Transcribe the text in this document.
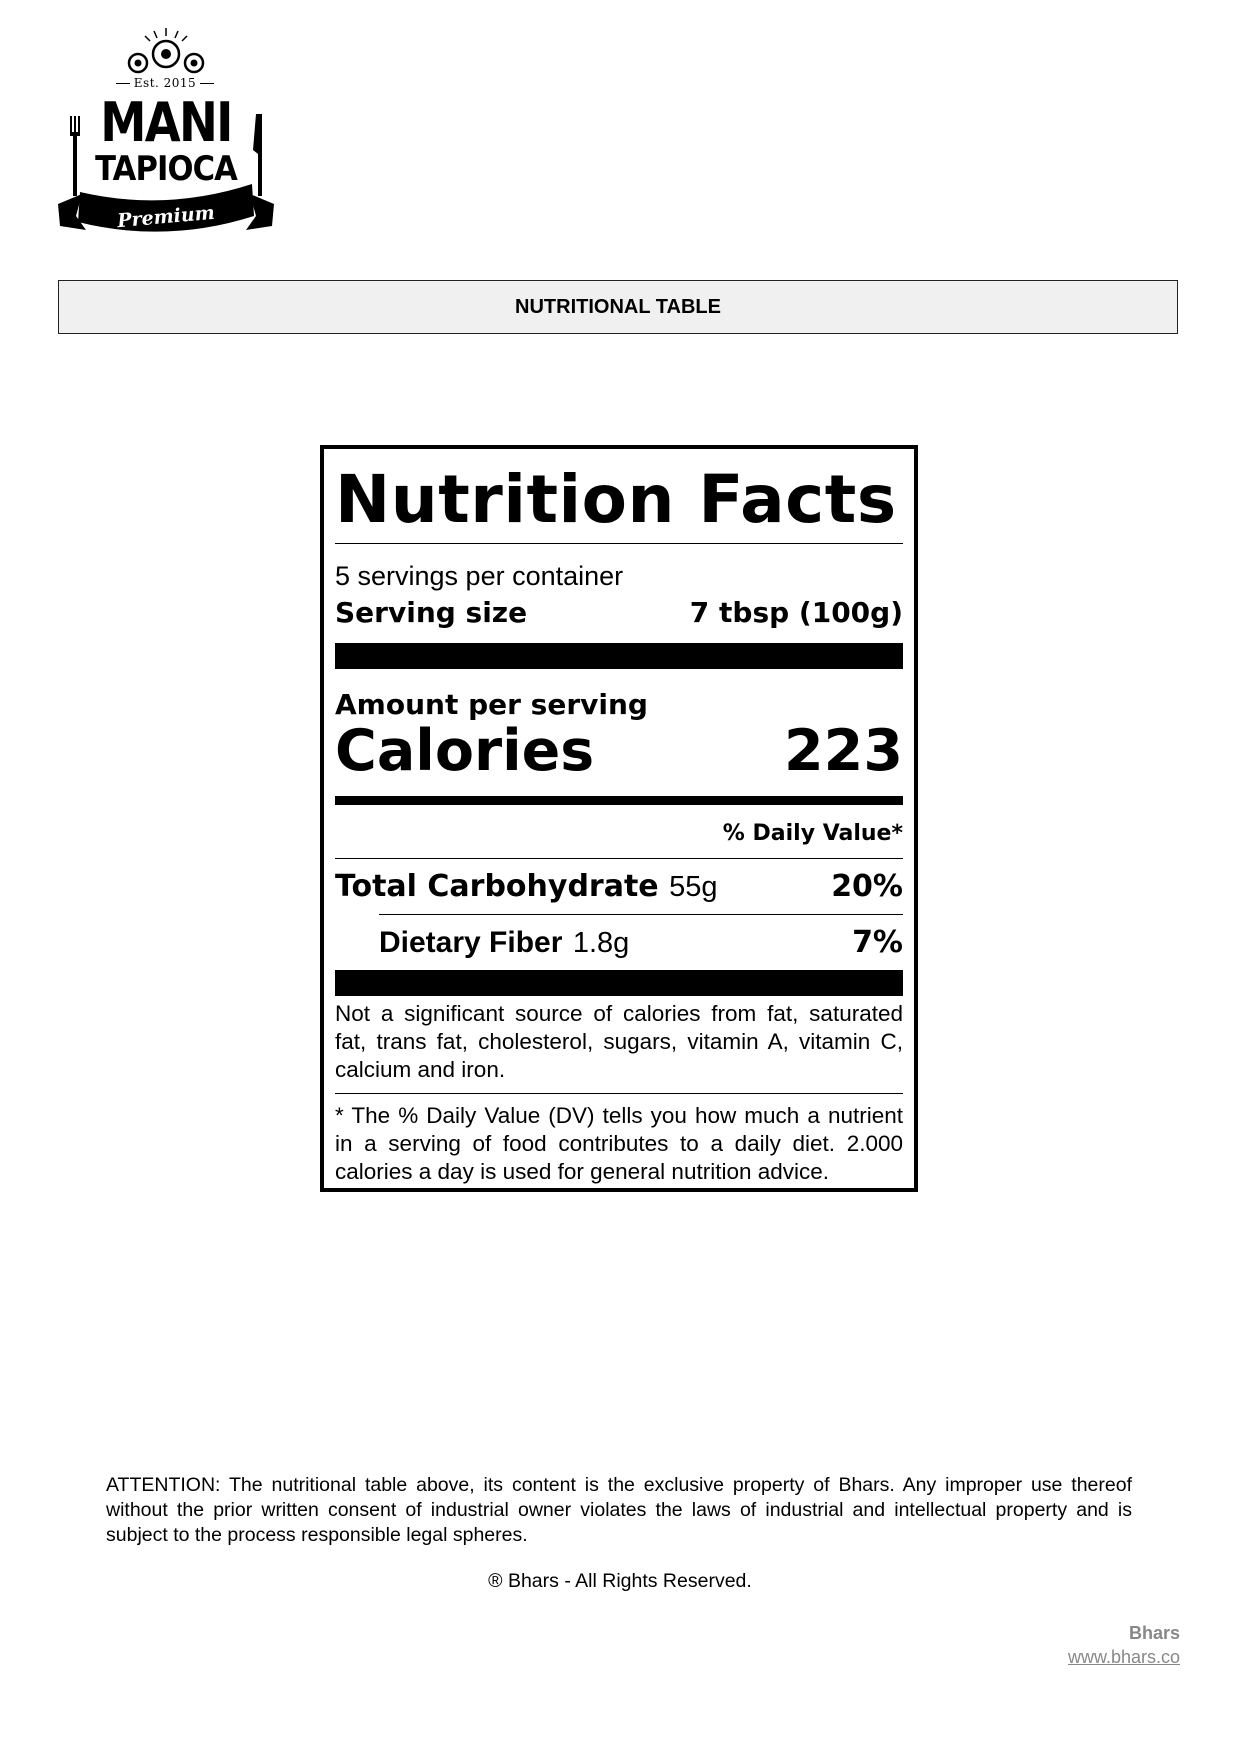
Est. 2015
MANI
TAPIOCA
Premium
NUTRITIONAL TABLE
Nutrition Facts
5 servings per container
Serving size	7 tbsp (100g)
Amount per serving
Calories	223
% Daily Value*
Total Carbohydrate 55g	20%
Dietary Fiber 1.8g	7%
Not a significant source of calories from fat, saturated fat, trans fat, cholesterol, sugars, vitamin A, vitamin C, calcium and iron.
* The % Daily Value (DV) tells you how much a nutrient in a serving of food contributes to a daily diet. 2.000 calories a day is used for general nutrition advice.
ATTENTION: The nutritional table above, its content is the exclusive property of Bhars. Any improper use thereof without the prior written consent of industrial owner violates the laws of industrial and intellectual property and is subject to the process responsible legal spheres.
® Bhars - All Rights Reserved.
Bhars
www.bhars.co
